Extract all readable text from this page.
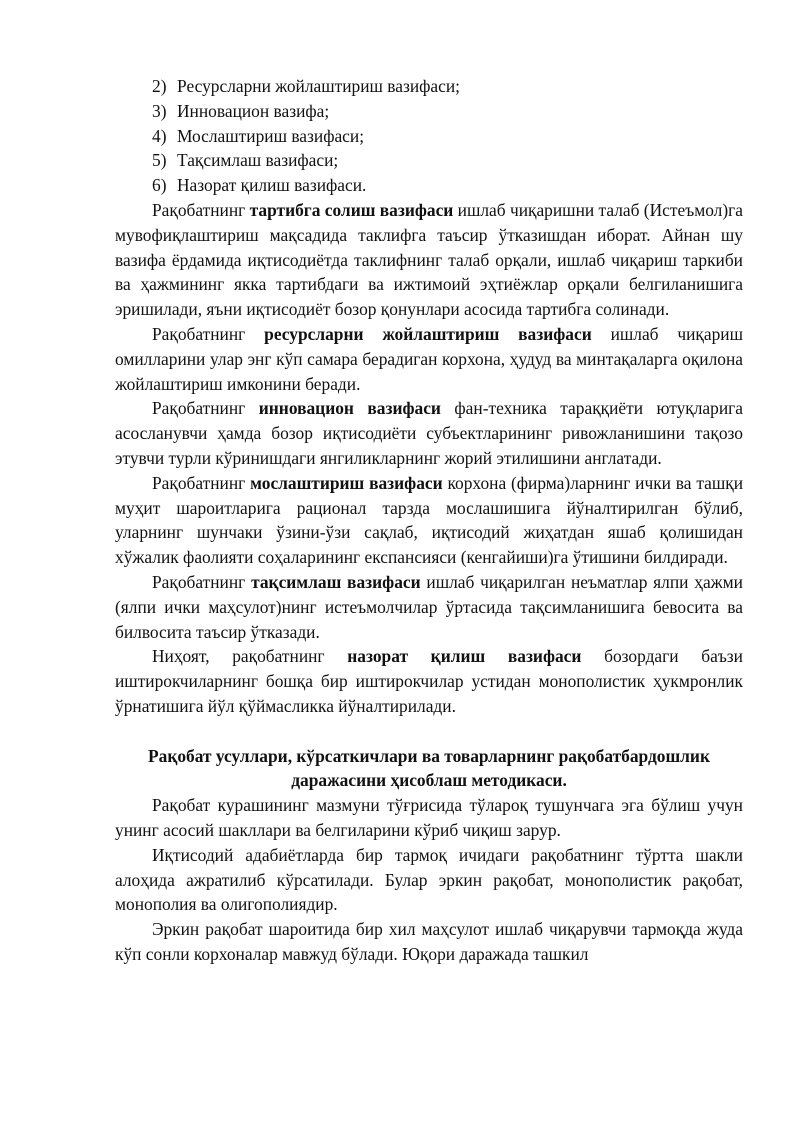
2) Ресурсларни жойлаштириш вазифаси;
3) Инновацион вазифа;
4) Мослаштириш вазифаси;
5) Тақсимлаш вазифаси;
6) Назорат қилиш вазифаси.

Рақобатнинг тартибга солиш вазифаси ишлаб чиқаришни талаб (Истеъмол)га мувофиқлаштириш мақсадида таклифга таъсир ўтказишдан иборат. Айнан шу вазифа ёрдамида иқтисодиётда таклифнинг талаб орқали, ишлаб чиқариш таркиби ва ҳажмининг якка тартибдаги ва ижтимоий эҳтиёжлар орқали белгиланишига эришилади, яъни иқтисодиёт бозор қонунлари асосида тартибга солинади.

Рақобатнинг ресурсларни жойлаштириш вазифаси ишлаб чиқариш омилларини улар энг кўп самара берадиган корхона, ҳудуд ва минтақаларга оқилона жойлаштириш имконини беради.

Рақобатнинг инновацион вазифаси фан-техника тараққиёти ютуқларига асосланувчи ҳамда бозор иқтисодиёти субъектларининг ривожланишини тақозо этувчи турли кўринишдаги янгиликларнинг жорий этилишини англатади.

Рақобатнинг мослаштириш вазифаси корхона (фирма)ларнинг ички ва ташқи муҳит шароитларига рационал тарзда мослашишига йўналтирилган бўлиб, уларнинг шунчаки ўзини-ўзи сақлаб, иқтисодий жиҳатдан яшаб қолишидан хўжалик фаолияти соҳаларининг експансияси (кенгайиши)га ўтишини билдиради.

Рақобатнинг тақсимлаш вазифаси ишлаб чиқарилган неъматлар ялпи ҳажми (ялпи ички маҳсулот)нинг истеъмолчилар ўртасида тақсимланишига бевосита ва билвосита таъсир ўтказади.

Ниҳоят, рақобатнинг назорат қилиш вазифаси бозордаги баъзи иштирокчиларнинг бошқа бир иштирокчилар устидан монополистик ҳукмронлик ўрнатишига йўл қўймасликка йўналтирилади.

Рақобат усуллари, кўрсаткичлари ва товарларнинг рақобатбардошлик
даражасини ҳисоблаш методикаси.

Рақобат курашининг мазмуни тўғрисида тўлароқ тушунчага эга бўлиш учун унинг асосий шакллари ва белгиларини кўриб чиқиш зарур.

Иқтисодий адабиётларда бир тармоқ ичидаги рақобатнинг тўртта шакли алоҳида ажратилиб кўрсатилади. Булар эркин рақобат, монополистик рақобат, монополия ва олигополиядир.

Эркин рақобат шароитида бир хил маҳсулот ишлаб чиқарувчи тармоқда жуда кўп сонли корхоналар мавжуд бўлади. Юқори даражада ташкил
